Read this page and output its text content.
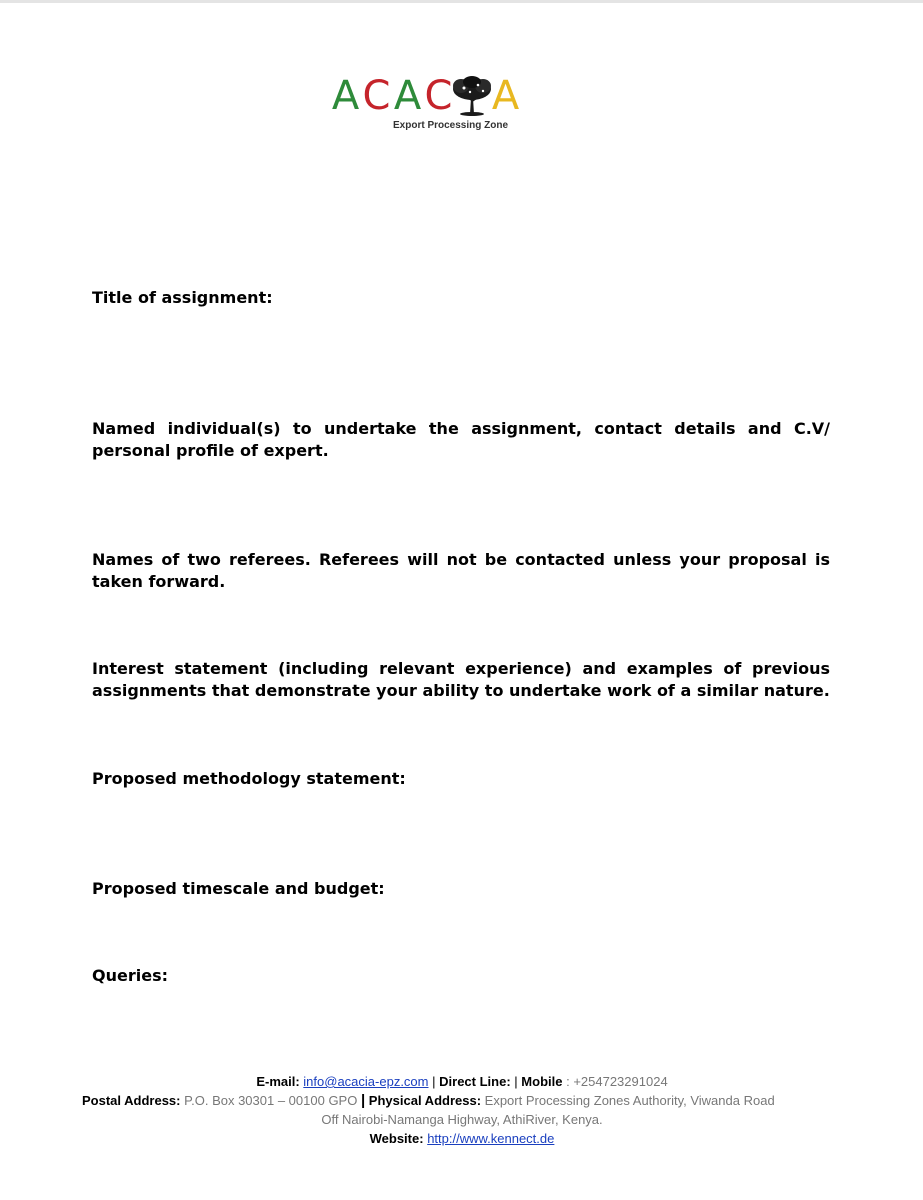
A C A C A
Export Processing Zone

Title of assignment:

Named individual(s) to undertake the assignment, contact details and C.V/ personal profile of expert.

Names of two referees. Referees will not be contacted unless your proposal is taken forward.

Interest statement (including relevant experience) and examples of previous assignments that demonstrate your ability to undertake work of a similar nature.

Proposed methodology statement:

Proposed timescale and budget:

Queries:

E-mail: info@acacia-epz.com | Direct Line: | Mobile : +254723291024
Postal Address: P.O. Box 30301 – 00100 GPO | Physical Address: Export Processing Zones Authority, Viwanda Road
Off Nairobi-Namanga Highway, AthiRiver, Kenya.
Website: http://www.kennect.de
